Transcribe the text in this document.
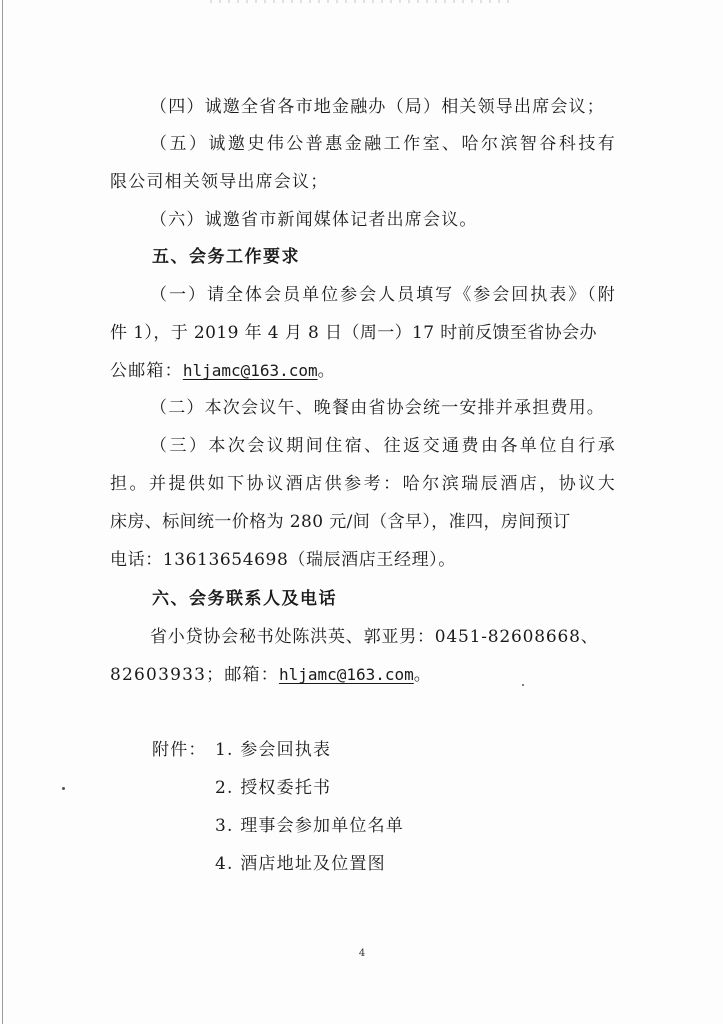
（四）诚邀全省各市地金融办（局）相关领导出席会议；
（五）诚邀史伟公普惠金融工作室、哈尔滨智谷科技有
限公司相关领导出席会议；
（六）诚邀省市新闻媒体记者出席会议。
五、会务工作要求
（一）请全体会员单位参会人员填写《参会回执表》（附
件 1），于 2019 年 4 月 8 日（周一）17 时前反馈至省协会办
公邮箱：hljamc@163.com。
（二）本次会议午、晚餐由省协会统一安排并承担费用。
（三）本次会议期间住宿、往返交通费由各单位自行承
担。并提供如下协议酒店供参考：哈尔滨瑞辰酒店，协议大
床房、标间统一价格为 280 元/间（含早），准四，房间预订
电话：13613654698（瑞辰酒店王经理）。
六、会务联系人及电话
省小贷协会秘书处陈洪英、郭亚男：0451-82608668、
82603933；邮箱：hljamc@163.com。
附件： 1. 参会回执表
2. 授权委托书
3. 理事会参加单位名单
4. 酒店地址及位置图
4
